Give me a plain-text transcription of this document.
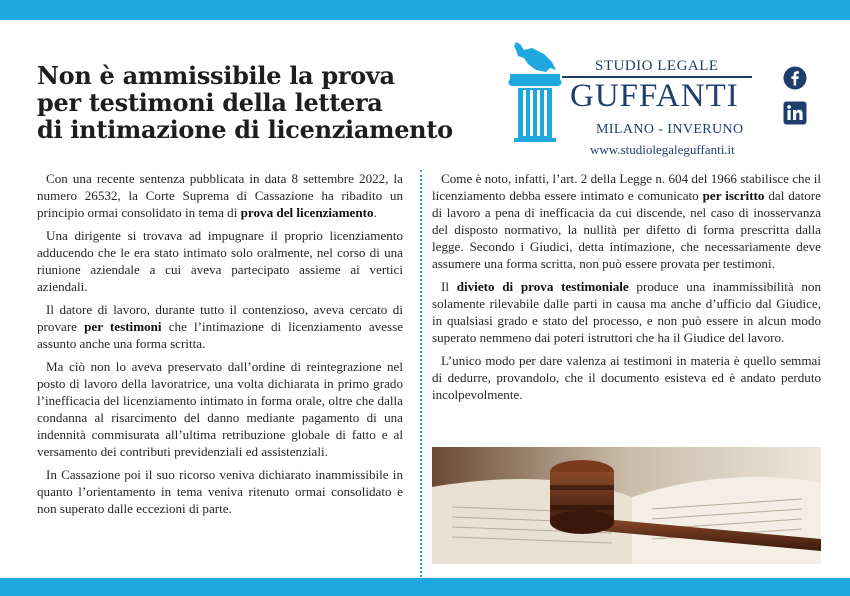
Non è ammissibile la prova
per testimoni della lettera
di intimazione di licenziamento
STUDIO LEGALE
GUFFANTI
MILANO - INVERUNO
www.studiolegaleguffanti.it

Con una recente sentenza pubblicata in data 8 settembre 2022, la numero 26532, la Corte Suprema di Cassazione ha ribadito un principio ormai consolidato in tema di prova del licenziamento.

Una dirigente si trovava ad impugnare il proprio licenziamento adducendo che le era stato intimato solo oralmente, nel corso di una riunione aziendale a cui aveva partecipato assieme ai vertici aziendali.

Il datore di lavoro, durante tutto il contenzioso, aveva cercato di provare per testimoni che l’intimazione di licenziamento avesse assunto anche una forma scritta.

Ma ciò non lo aveva preservato dall’ordine di reintegrazione nel posto di lavoro della lavoratrice, una volta dichiarata in primo grado l’inefficacia del licenziamento intimato in forma orale, oltre che dalla condanna al risarcimento del danno mediante pagamento di una indennità commisurata all’ultima retribuzione globale di fatto e al versamento dei contributi previdenziali ed assistenziali.

In Cassazione poi il suo ricorso veniva dichiarato inammissibile in quanto l’orientamento in tema veniva ritenuto ormai consolidato e non superato dalle eccezioni di parte.

Come è noto, infatti, l’art. 2 della Legge n. 604 del 1966 stabilisce che il licenziamento debba essere intimato e comunicato per iscritto dal datore di lavoro a pena di inefficacia da cui discende, nel caso di inosservanza del disposto normativo, la nullità per difetto di forma prescritta dalla legge. Secondo i Giudici, detta intimazione, che necessariamente deve assumere una forma scritta, non può essere provata per testimoni.

Il divieto di prova testimoniale produce una inammissibilità non solamente rilevabile dalle parti in causa ma anche d’ufficio dal Giudice, in qualsiasi grado e stato del processo, e non può essere in alcun modo superato nemmeno dai poteri istruttori che ha il Giudice del lavoro.

L’unico modo per dare valenza ai testimoni in materia è quello semmai di dedurre, provandolo, che il documento esisteva ed è andato perduto incolpevolmente.
